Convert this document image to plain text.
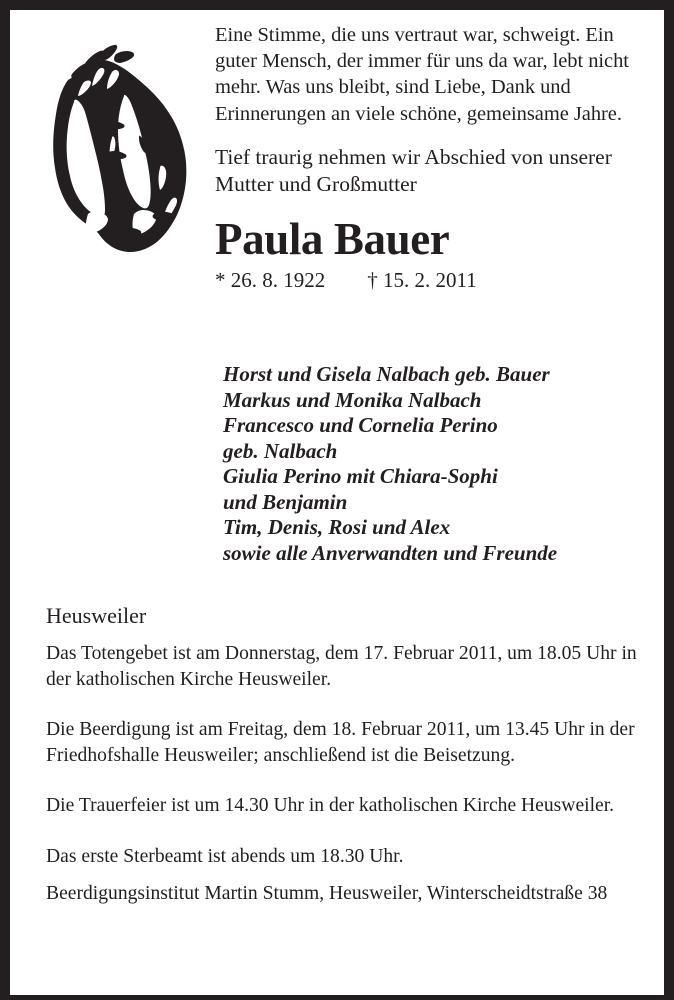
Eine Stimme, die uns vertraut war, schweigt. Ein guter Mensch, der immer für uns da war, lebt nicht mehr. Was uns bleibt, sind Liebe, Dank und Erinnerungen an viele schöne, gemeinsame Jahre.

Tief traurig nehmen wir Abschied von unserer Mutter und Großmutter

Paula Bauer

* 26. 8. 1922        † 15. 2. 2011

Horst und Gisela Nalbach geb. Bauer
Markus und Monika Nalbach
Francesco und Cornelia Perino
geb. Nalbach
Giulia Perino mit Chiara-Sophi
und Benjamin
Tim, Denis, Rosi und Alex
sowie alle Anverwandten und Freunde

Heusweiler

Das Totengebet ist am Donnerstag, dem 17. Februar 2011, um 18.05 Uhr in der katholischen Kirche Heusweiler.

Die Beerdigung ist am Freitag, dem 18. Februar 2011, um 13.45 Uhr in der Friedhofshalle Heusweiler; anschließend ist die Beisetzung.

Die Trauerfeier ist um 14.30 Uhr in der katholischen Kirche Heusweiler.

Das erste Sterbeamt ist abends um 18.30 Uhr.

Beerdigungsinstitut Martin Stumm, Heusweiler, Winterscheidtstraße 38
